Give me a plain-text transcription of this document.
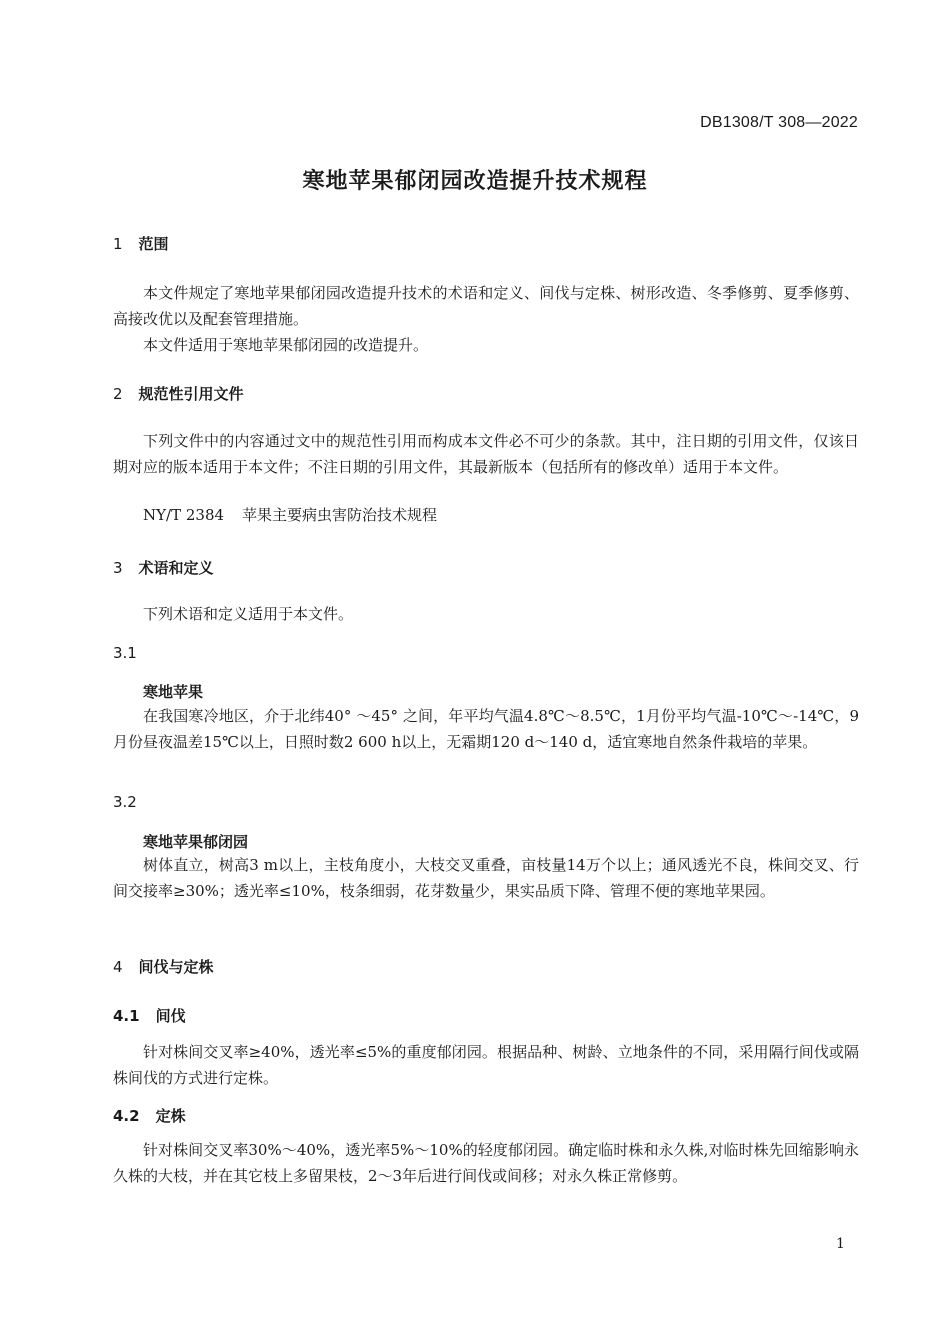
DB1308/T 308—2022
寒地苹果郁闭园改造提升技术规程
1 范围
本文件规定了寒地苹果郁闭园改造提升技术的术语和定义、间伐与定株、树形改造、冬季修剪、夏季修剪、高接改优以及配套管理措施。
本文件适用于寒地苹果郁闭园的改造提升。
2 规范性引用文件
下列文件中的内容通过文中的规范性引用而构成本文件必不可少的条款。其中，注日期的引用文件，仅该日期对应的版本适用于本文件；不注日期的引用文件，其最新版本（包括所有的修改单）适用于本文件。
NY/T 2384 苹果主要病虫害防治技术规程
3 术语和定义
下列术语和定义适用于本文件。
3.1
寒地苹果
在我国寒冷地区，介于北纬40° ～45° 之间，年平均气温4.8℃～8.5℃，1月份平均气温-10℃～-14℃，9月份昼夜温差15℃以上，日照时数2 600 h以上，无霜期120 d～140 d，适宜寒地自然条件栽培的苹果。
3.2
寒地苹果郁闭园
树体直立，树高3 m以上，主枝角度小，大枝交叉重叠，亩枝量14万个以上；通风透光不良，株间交叉、行间交接率≥30%；透光率≤10%，枝条细弱，花芽数量少，果实品质下降、管理不便的寒地苹果园。
4 间伐与定株
4.1 间伐
针对株间交叉率≥40%，透光率≤5%的重度郁闭园。根据品种、树龄、立地条件的不同，采用隔行间伐或隔株间伐的方式进行定株。
4.2 定株
针对株间交叉率30%～40%，透光率5%～10%的轻度郁闭园。确定临时株和永久株,对临时株先回缩影响永久株的大枝，并在其它枝上多留果枝，2～3年后进行间伐或间移；对永久株正常修剪。
1
